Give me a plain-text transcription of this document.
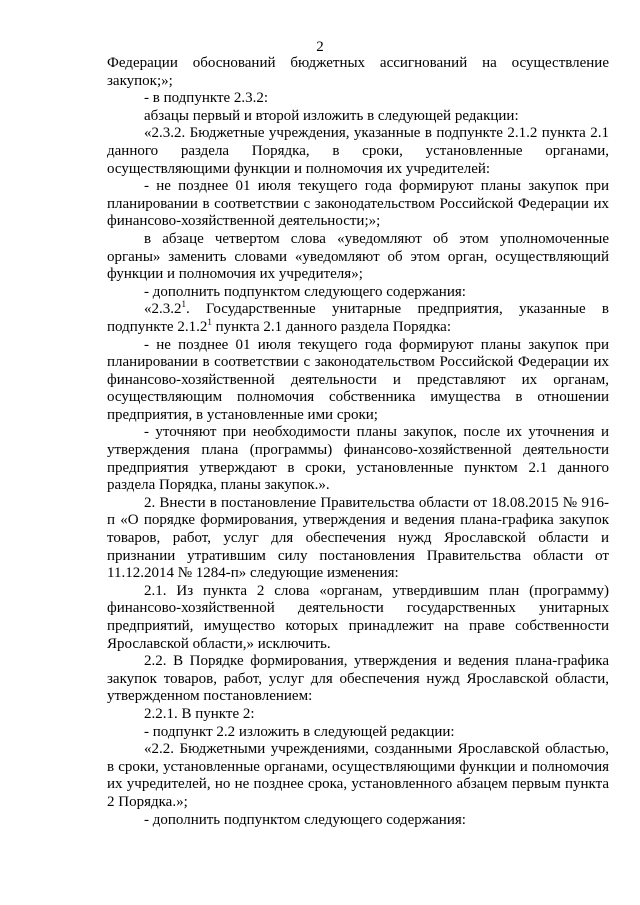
2

Федерации обоснований бюджетных ассигнований на осуществление закупок;»;

- в подпункте 2.3.2:

абзацы первый и второй изложить в следующей редакции:

«2.3.2. Бюджетные учреждения, указанные в подпункте 2.1.2 пункта 2.1 данного раздела Порядка, в сроки, установленные органами, осуществляющими функции и полномочия их учредителей:

- не позднее 01 июля текущего года формируют планы закупок при планировании в соответствии с законодательством Российской Федерации их финансово-хозяйственной деятельности;»;

в абзаце четвертом слова «уведомляют об этом уполномоченные органы» заменить словами «уведомляют об этом орган, осуществляющий функции и полномочия их учредителя»;

- дополнить подпунктом следующего содержания:

«2.3.2$^1$. Государственные унитарные предприятия, указанные в подпункте 2.1.2$^1$ пункта 2.1 данного раздела Порядка:

- не позднее 01 июля текущего года формируют планы закупок при планировании в соответствии с законодательством Российской Федерации их финансово-хозяйственной деятельности и представляют их органам, осуществляющим полномочия собственника имущества в отношении предприятия, в установленные ими сроки;

- уточняют при необходимости планы закупок, после их уточнения и утверждения плана (программы) финансово-хозяйственной деятельности предприятия утверждают в сроки, установленные пунктом 2.1 данного раздела Порядка, планы закупок.».

2. Внести в постановление Правительства области от 18.08.2015 № 916-п «О порядке формирования, утверждения и ведения плана-графика закупок товаров, работ, услуг для обеспечения нужд Ярославской области и признании утратившим силу постановления Правительства области от 11.12.2014 № 1284-п» следующие изменения:

2.1. Из пункта 2 слова «органам, утвердившим план (программу) финансово-хозяйственной деятельности государственных унитарных предприятий, имущество которых принадлежит на праве собственности Ярославской области,» исключить.

2.2. В Порядке формирования, утверждения и ведения плана-графика закупок товаров, работ, услуг для обеспечения нужд Ярославской области, утвержденном постановлением:

2.2.1. В пункте 2:

- подпункт 2.2 изложить в следующей редакции:

«2.2. Бюджетными учреждениями, созданными Ярославской областью, в сроки, установленные органами, осуществляющими функции и полномочия их учредителей, но не позднее срока, установленного абзацем первым пункта 2 Порядка.»;

- дополнить подпунктом следующего содержания:
